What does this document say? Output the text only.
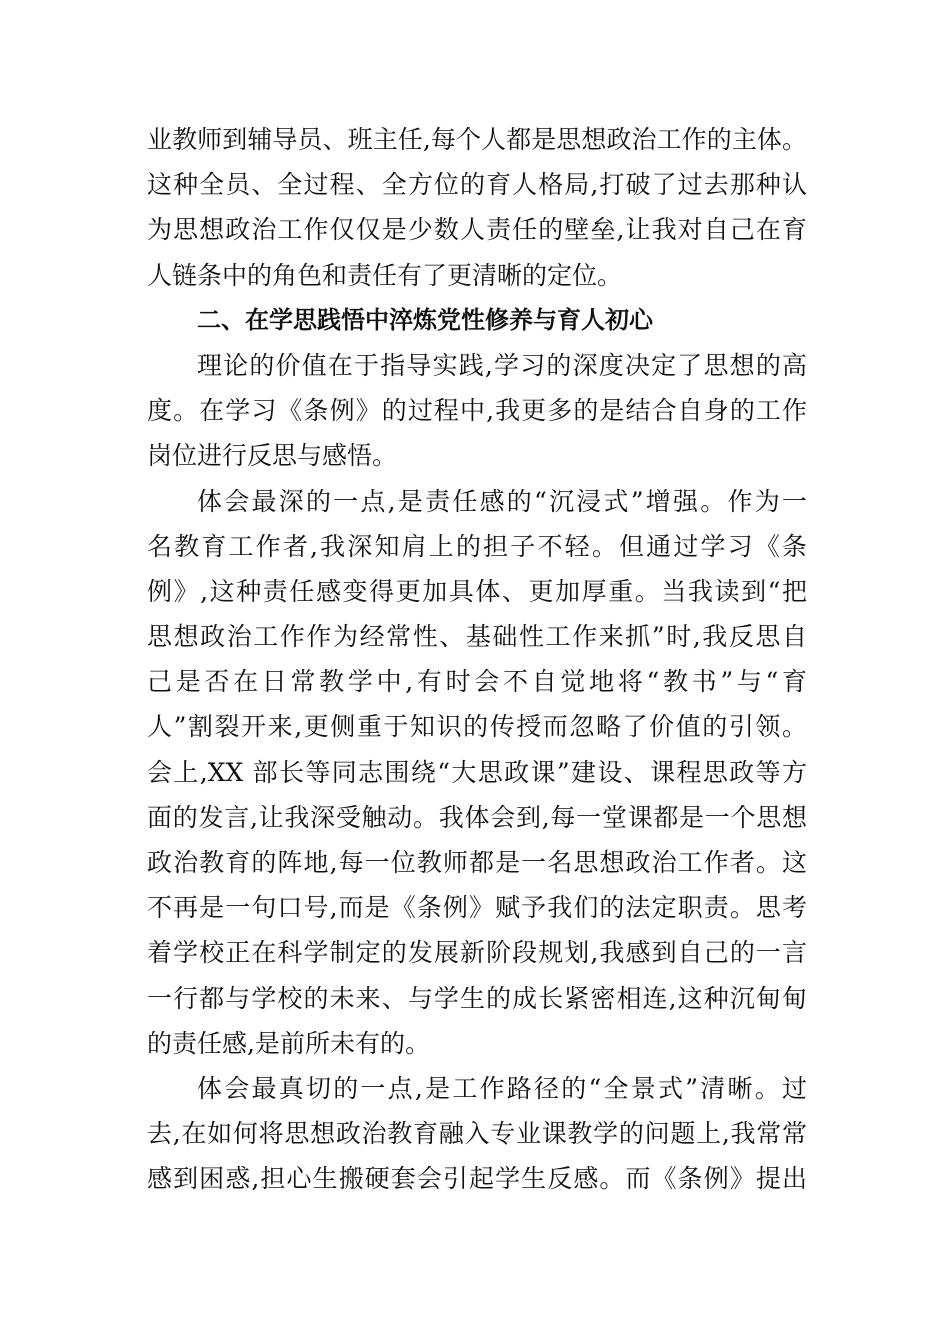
业教师到辅导员、班主任,每个人都是思想政治工作的主体。
这种全员、全过程、全方位的育人格局,打破了过去那种认
为思想政治工作仅仅是少数人责任的壁垒,让我对自己在育
人链条中的角色和责任有了更清晰的定位。
二、在学思践悟中淬炼党性修养与育人初心
理论的价值在于指导实践,学习的深度决定了思想的高
度。在学习《条例》的过程中,我更多的是结合自身的工作
岗位进行反思与感悟。
体会最深的一点,是责任感的“沉浸式”增强。作为一
名教育工作者,我深知肩上的担子不轻。但通过学习《条
例》,这种责任感变得更加具体、更加厚重。当我读到“把
思想政治工作作为经常性、基础性工作来抓”时,我反思自
己是否在日常教学中,有时会不自觉地将“教书”与“育
人”割裂开来,更侧重于知识的传授而忽略了价值的引领。
会上,XX 部长等同志围绕“大思政课”建设、课程思政等方
面的发言,让我深受触动。我体会到,每一堂课都是一个思想
政治教育的阵地,每一位教师都是一名思想政治工作者。这
不再是一句口号,而是《条例》赋予我们的法定职责。思考
着学校正在科学制定的发展新阶段规划,我感到自己的一言
一行都与学校的未来、与学生的成长紧密相连,这种沉甸甸
的责任感,是前所未有的。
体会最真切的一点,是工作路径的“全景式”清晰。过
去,在如何将思想政治教育融入专业课教学的问题上,我常常
感到困惑,担心生搬硬套会引起学生反感。而《条例》提出
